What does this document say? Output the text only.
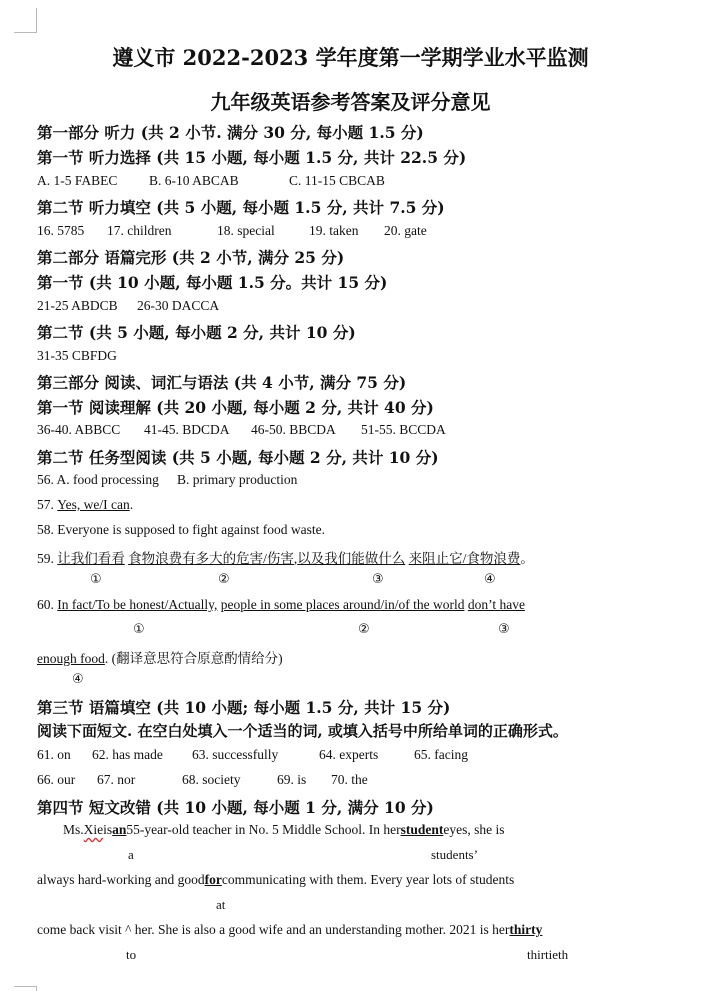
遵义市 2022-2023 学年度第一学期学业水平监测
九年级英语参考答案及评分意见
第一部分 听力 (共 2 小节. 满分 30 分, 每小题 1.5 分)
第一节 听力选择 (共 15 小题, 每小题 1.5 分, 共计 22.5 分)
A. 1-5 FABEC B. 6-10 ABCAB	C. 11-15 CBCAB
第二节 听力填空 (共 5 小题, 每小题 1.5 分, 共计 7.5 分)
16. 5785 17. children	18. special	19. taken 20. gate
第二部分 语篇完形 (共 2 小节, 满分 25 分)
第一节 (共 10 小题, 每小题 1.5 分。共计 15 分)
21-25 ABDCB 26-30 DACCA
第二节 (共 5 小题, 每小题 2 分, 共计 10 分)
31-35 CBFDG
第三部分 阅读、词汇与语法 (共 4 小节, 满分 75 分)
第一节 阅读理解 (共 20 小题, 每小题 2 分, 共计 40 分)
36-40. ABBCC 41-45. BDCDA 46-50. BBCDA 51-55. BCCDA
第二节 任务型阅读 (共 5 小题, 每小题 2 分, 共计 10 分)
56. A. food processing B. primary production
57. Yes, we/I can.
58. Everyone is supposed to fight against food waste.
59. 让我们看看 食物浪费有多大的危害/伤害,以及我们能做什么 来阻止它/食物浪费。
①	②	③	④
60. In fact/To be honest/Actually, people in some places around/in/of the world don’t have
①	②	③
enough food. (翻译意思符合原意酌情给分)
④
第三节 语篇填空 (共 10 小题; 每小题 1.5 分, 共计 15 分)
阅读下面短文. 在空白处填入一个适当的词, 或填入括号中所给单词的正确形式。
61. on 62. has made 63. successfully	64. experts	65. facing
66. our 67. nor	68. society	69. is 70. the
第四节 短文改错 (共 10 小题, 每小题 1 分, 满分 10 分)
Ms.Xieisan55-year-old teacher in No. 5 Middle School. In herstudenteyes, she is
a	students’
always hard-working and goodforcommunicating with them. Every year lots of students
at
come back visit ^ her. She is also a good wife and an understanding mother. 2021 is herthirty
to	thirtieth
